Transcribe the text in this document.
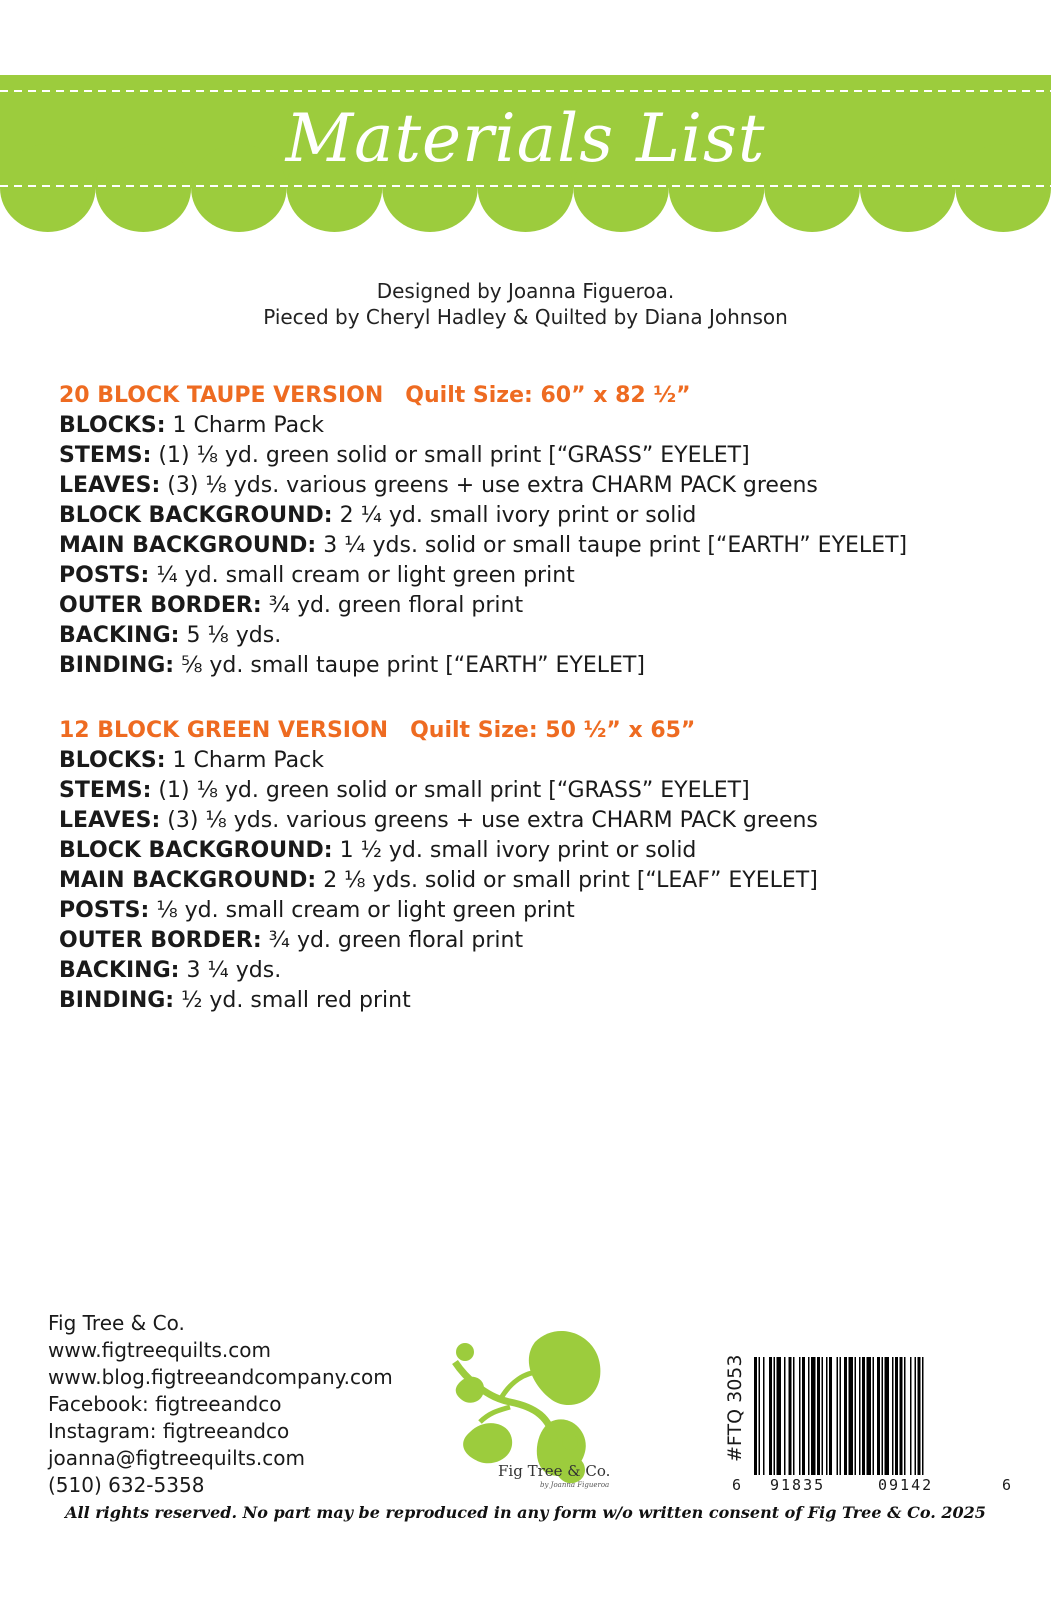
Materials List
Designed by Joanna Figueroa.
Pieced by Cheryl Hadley & Quilted by Diana Johnson
20 BLOCK TAUPE VERSION Quilt Size: 60” x 82 ½”
BLOCKS: 1 Charm Pack
STEMS: (1) ⅛ yd. green solid or small print [“GRASS” EYELET]
LEAVES: (3) ⅛ yds. various greens + use extra CHARM PACK greens
BLOCK BACKGROUND: 2 ¼ yd. small ivory print or solid
MAIN BACKGROUND: 3 ¼ yds. solid or small taupe print [“EARTH” EYELET]
POSTS: ¼ yd. small cream or light green print
OUTER BORDER: ¾ yd. green floral print
BACKING: 5 ⅛ yds.
BINDING: ⅝ yd. small taupe print [“EARTH” EYELET]
12 BLOCK GREEN VERSION Quilt Size: 50 ½” x 65”
BLOCKS: 1 Charm Pack
STEMS: (1) ⅛ yd. green solid or small print [“GRASS” EYELET]
LEAVES: (3) ⅛ yds. various greens + use extra CHARM PACK greens
BLOCK BACKGROUND: 1 ½ yd. small ivory print or solid
MAIN BACKGROUND: 2 ⅛ yds. solid or small print [“LEAF” EYELET]
POSTS: ⅛ yd. small cream or light green print
OUTER BORDER: ¾ yd. green floral print
BACKING: 3 ¼ yds.
BINDING: ½ yd. small red print
Fig Tree & Co.
www.figtreequilts.com
www.blog.figtreeandcompany.com
Facebook: figtreeandco
Instagram: figtreeandco
joanna@figtreequilts.com
(510) 632-5358
Fig Tree & Co.
by Joanna Figueroa
#FTQ 3053
6 91835	09142	6
All rights reserved. No part may be reproduced in any form w/o written consent of Fig Tree & Co. 2025
